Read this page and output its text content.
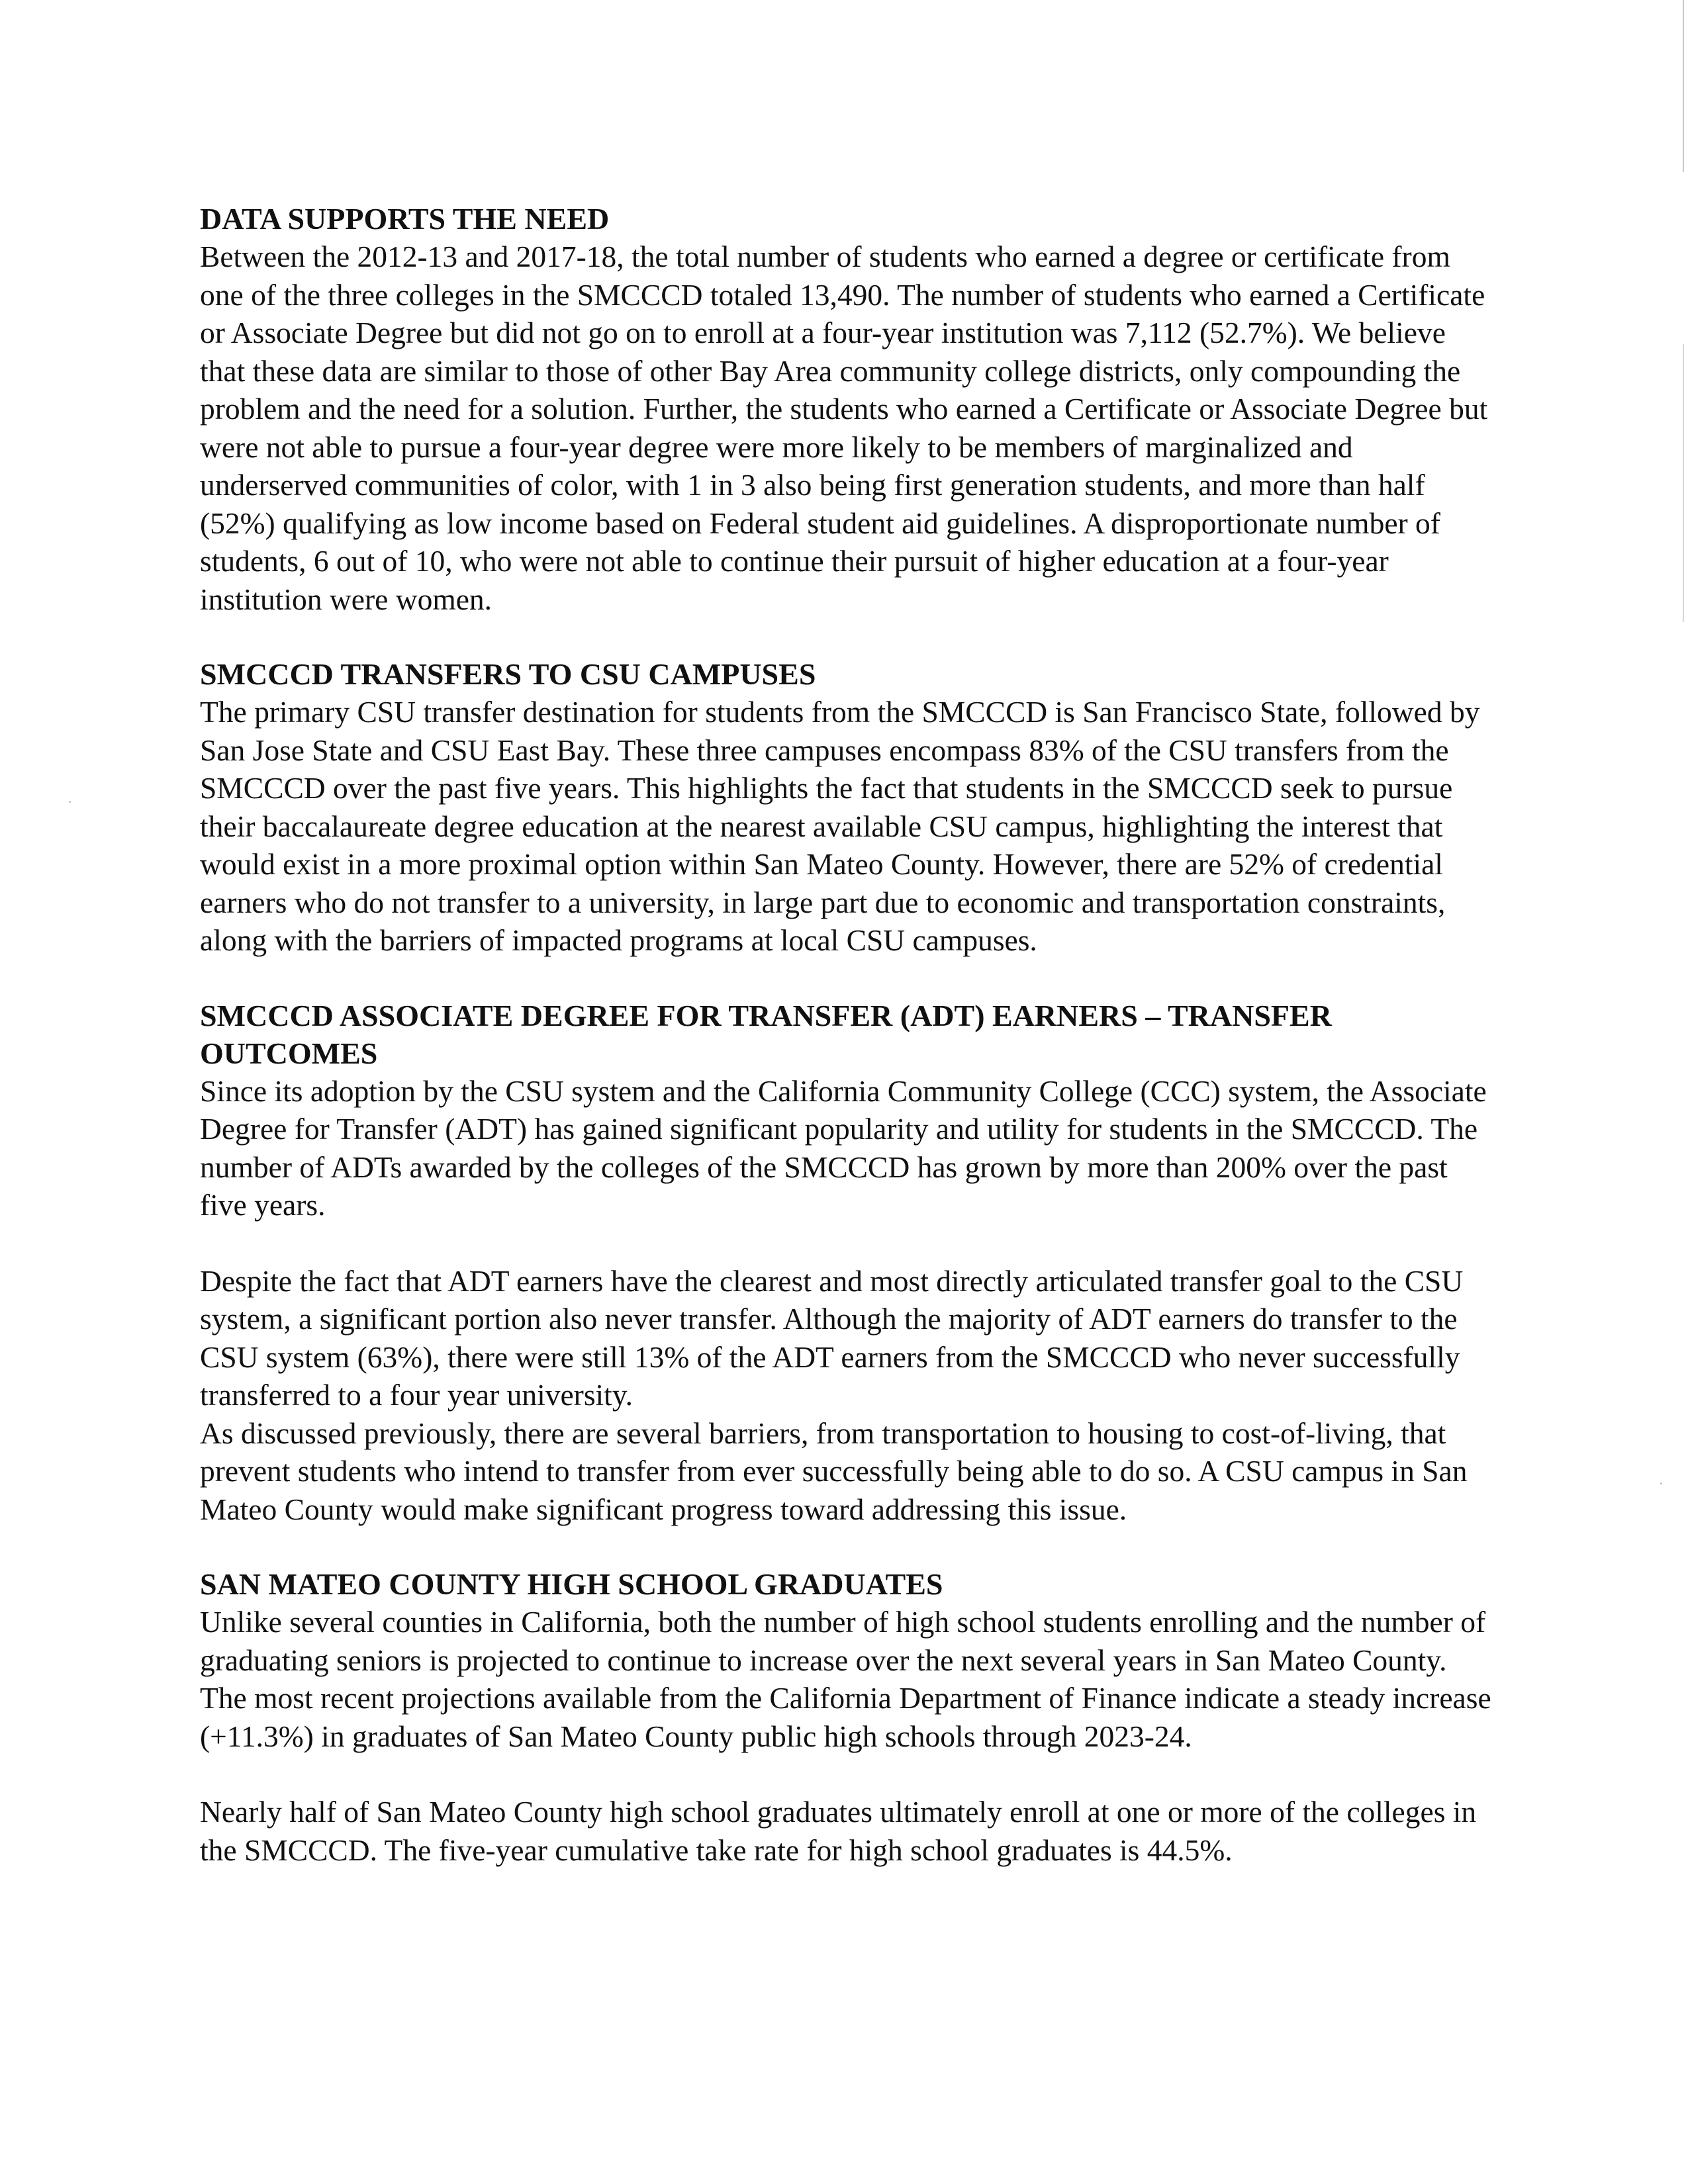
DATA SUPPORTS THE NEED

Between the 2012-13 and 2017-18, the total number of students who earned a degree or certificate from one of the three colleges in the SMCCCD totaled 13,490. The number of students who earned a Certificate or Associate Degree but did not go on to enroll at a four-year institution was 7,112 (52.7%). We believe that these data are similar to those of other Bay Area community college districts, only compounding the problem and the need for a solution. Further, the students who earned a Certificate or Associate Degree but were not able to pursue a four-year degree were more likely to be members of marginalized and underserved communities of color, with 1 in 3 also being first generation students, and more than half (52%) qualifying as low income based on Federal student aid guidelines. A disproportionate number of students, 6 out of 10, who were not able to continue their pursuit of higher education at a four-year institution were women.

SMCCCD TRANSFERS TO CSU CAMPUSES

The primary CSU transfer destination for students from the SMCCCD is San Francisco State, followed by San Jose State and CSU East Bay. These three campuses encompass 83% of the CSU transfers from the SMCCCD over the past five years. This highlights the fact that students in the SMCCCD seek to pursue their baccalaureate degree education at the nearest available CSU campus, highlighting the interest that would exist in a more proximal option within San Mateo County. However, there are 52% of credential earners who do not transfer to a university, in large part due to economic and transportation constraints, along with the barriers of impacted programs at local CSU campuses.

SMCCCD ASSOCIATE DEGREE FOR TRANSFER (ADT) EARNERS – TRANSFER OUTCOMES

Since its adoption by the CSU system and the California Community College (CCC) system, the Associate Degree for Transfer (ADT) has gained significant popularity and utility for students in the SMCCCD. The number of ADTs awarded by the colleges of the SMCCCD has grown by more than 200% over the past five years.

Despite the fact that ADT earners have the clearest and most directly articulated transfer goal to the CSU system, a significant portion also never transfer. Although the majority of ADT earners do transfer to the CSU system (63%), there were still 13% of the ADT earners from the SMCCCD who never successfully transferred to a four year university.

As discussed previously, there are several barriers, from transportation to housing to cost-of-living, that prevent students who intend to transfer from ever successfully being able to do so. A CSU campus in San Mateo County would make significant progress toward addressing this issue.

SAN MATEO COUNTY HIGH SCHOOL GRADUATES

Unlike several counties in California, both the number of high school students enrolling and the number of graduating seniors is projected to continue to increase over the next several years in San Mateo County. The most recent projections available from the California Department of Finance indicate a steady increase (+11.3%) in graduates of San Mateo County public high schools through 2023-24.

Nearly half of San Mateo County high school graduates ultimately enroll at one or more of the colleges in the SMCCCD. The five-year cumulative take rate for high school graduates is 44.5%.
